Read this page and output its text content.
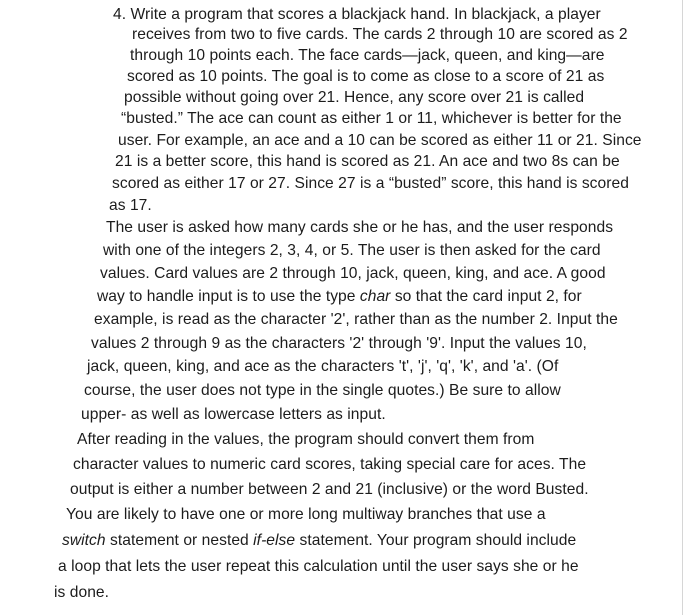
4. Write a program that scores a blackjack hand. In blackjack, a player
receives from two to five cards. The cards 2 through 10 are scored as 2
through 10 points each. The face cards—jack, queen, and king—are
scored as 10 points. The goal is to come as close to a score of 21 as
possible without going over 21. Hence, any score over 21 is called
“busted.” The ace can count as either 1 or 11, whichever is better for the
user. For example, an ace and a 10 can be scored as either 11 or 21. Since
21 is a better score, this hand is scored as 21. An ace and two 8s can be
scored as either 17 or 27. Since 27 is a “busted” score, this hand is scored
as 17.
The user is asked how many cards she or he has, and the user responds
with one of the integers 2, 3, 4, or 5. The user is then asked for the card
values. Card values are 2 through 10, jack, queen, king, and ace. A good
way to handle input is to use the type char so that the card input 2, for
example, is read as the character '2', rather than as the number 2. Input the
values 2 through 9 as the characters '2' through '9'. Input the values 10,
jack, queen, king, and ace as the characters 't', 'j', 'q', 'k', and 'a'. (Of
course, the user does not type in the single quotes.) Be sure to allow
upper- as well as lowercase letters as input.
After reading in the values, the program should convert them from
character values to numeric card scores, taking special care for aces. The
output is either a number between 2 and 21 (inclusive) or the word Busted.
You are likely to have one or more long multiway branches that use a
switch statement or nested if-else statement. Your program should include
a loop that lets the user repeat this calculation until the user says she or he
is done.
